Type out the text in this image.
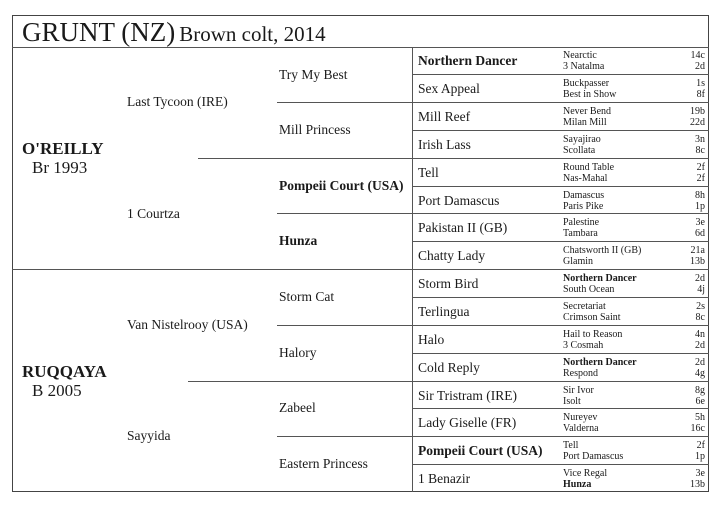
GRUNT (NZ) Brown colt, 2014
O'REILLY
Br 1993
RUQQAYA
B 2005
Last Tycoon (IRE)
1 Courtza
Van Nistelrooy (USA)
Sayyida
Try My Best
Mill Princess
Pompeii Court (USA)
Hunza
Storm Cat
Halory
Zabeel
Eastern Princess
Northern Dancer
Sex Appeal
Mill Reef
Irish Lass
Tell
Port Damascus
Pakistan II (GB)
Chatty Lady
Storm Bird
Terlingua
Halo
Cold Reply
Sir Tristram (IRE)
Lady Giselle (FR)
Pompeii Court (USA)
1 Benazir
Nearctic	14c
3 Natalma	2d
Buckpasser	1s
Best in Show	8f
Never Bend	19b
Milan Mill	22d
Sayajirao	3n
Scollata	8c
Round Table	2f
Nas-Mahal	2f
Damascus	8h
Paris Pike	1p
Palestine	3e
Tambara	6d
Chatsworth II (GB)	21a
Glamin	13b
Northern Dancer	2d
South Ocean	4j
Secretariat	2s
Crimson Saint	8c
Hail to Reason	4n
3 Cosmah	2d
Northern Dancer	2d
Respond	4g
Sir Ivor	8g
Isolt	6e
Nureyev	5h
Valderna	16c
Tell	2f
Port Damascus	1p
Vice Regal	3e
Hunza	13b
